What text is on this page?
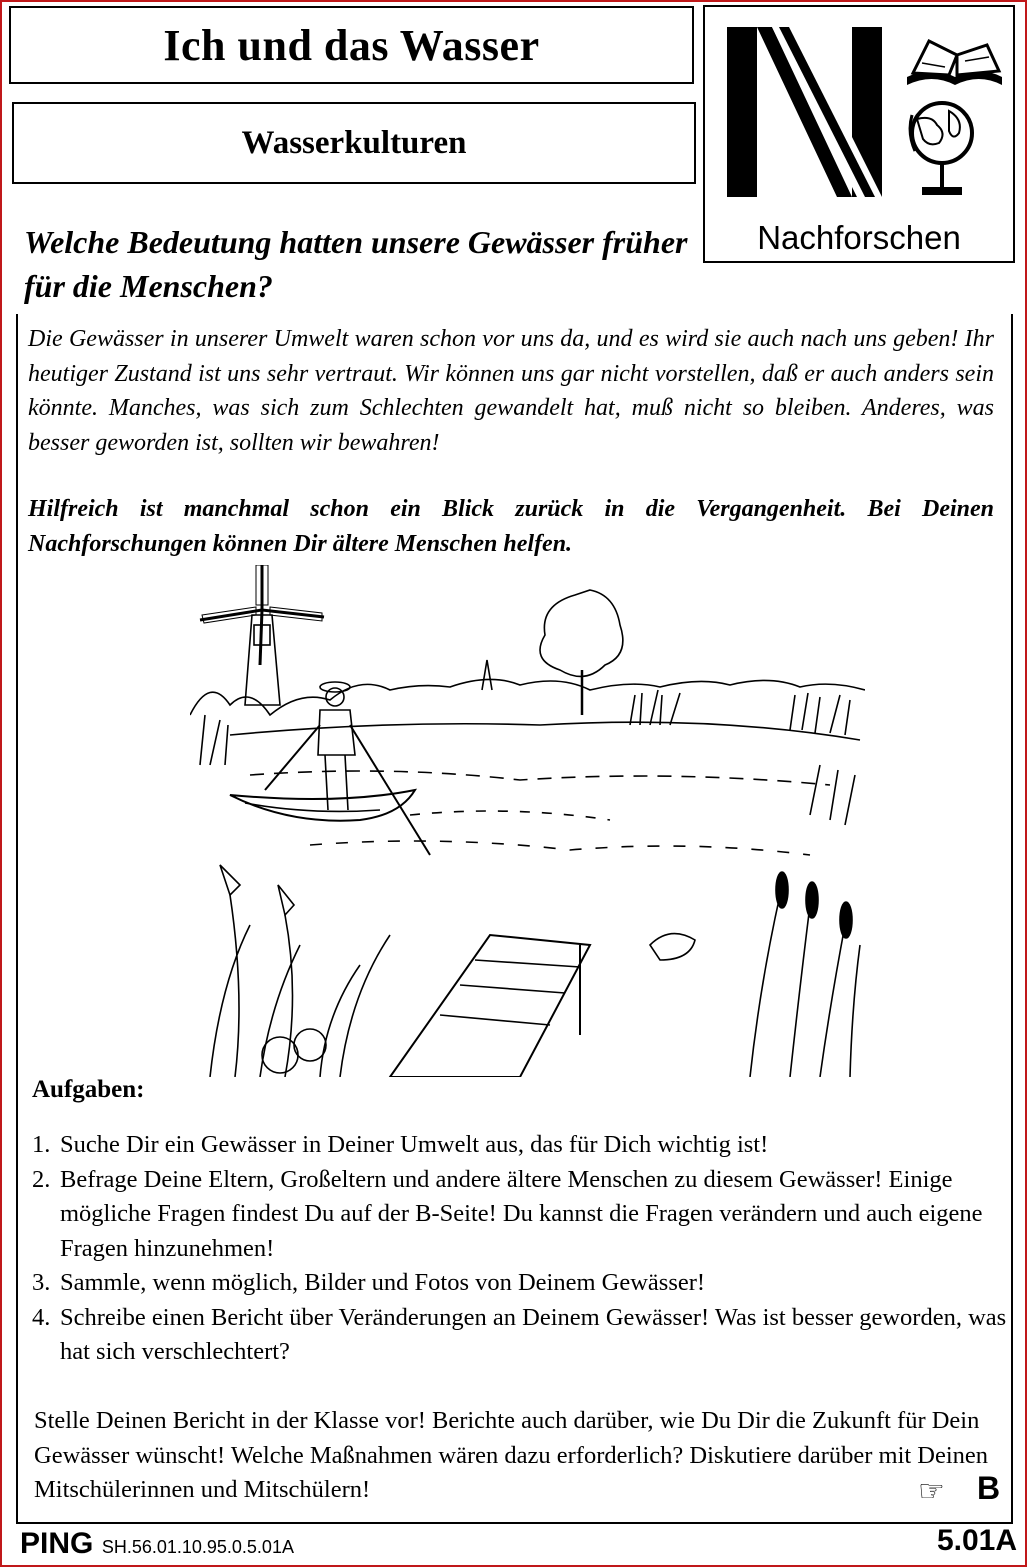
Ich und das Wasser
Wasserkulturen
Nachforschen
Welche Bedeutung hatten unsere Gewässer früher für die Menschen?

Die Gewässer in unserer Umwelt waren schon vor uns da, und es wird sie auch nach uns geben! Ihr heutiger Zustand ist uns sehr vertraut. Wir können uns gar nicht vorstellen, daß er auch anders sein könnte. Manches, was sich zum Schlechten gewandelt hat, muß nicht so bleiben. Anderes, was besser geworden ist, sollten wir bewahren!

Hilfreich ist manchmal schon ein Blick zurück in die Vergangenheit. Bei Deinen Nachforschungen können Dir ältere Menschen helfen.

Aufgaben:
1. Suche Dir ein Gewässer in Deiner Umwelt aus, das für Dich wichtig ist!
2. Befrage Deine Eltern, Großeltern und andere ältere Menschen zu diesem Gewässer! Einige mögliche Fragen findest Du auf der B-Seite! Du kannst die Fragen verändern und auch eigene Fragen hinzunehmen!
3. Sammle, wenn möglich, Bilder und Fotos von Deinem Gewässer!
4. Schreibe einen Bericht über Veränderungen an Deinem Gewässer! Was ist besser geworden, was hat sich verschlechtert?

Stelle Deinen Bericht in der Klasse vor! Berichte auch darüber, wie Du Dir die Zukunft für Dein Gewässer wünscht! Welche Maßnahmen wären dazu erforderlich? Diskutiere darüber mit Deinen Mitschülerinnen und Mitschülern!	☞ B
PING SH.56.01.10.95.0.5.01A	5.01A
